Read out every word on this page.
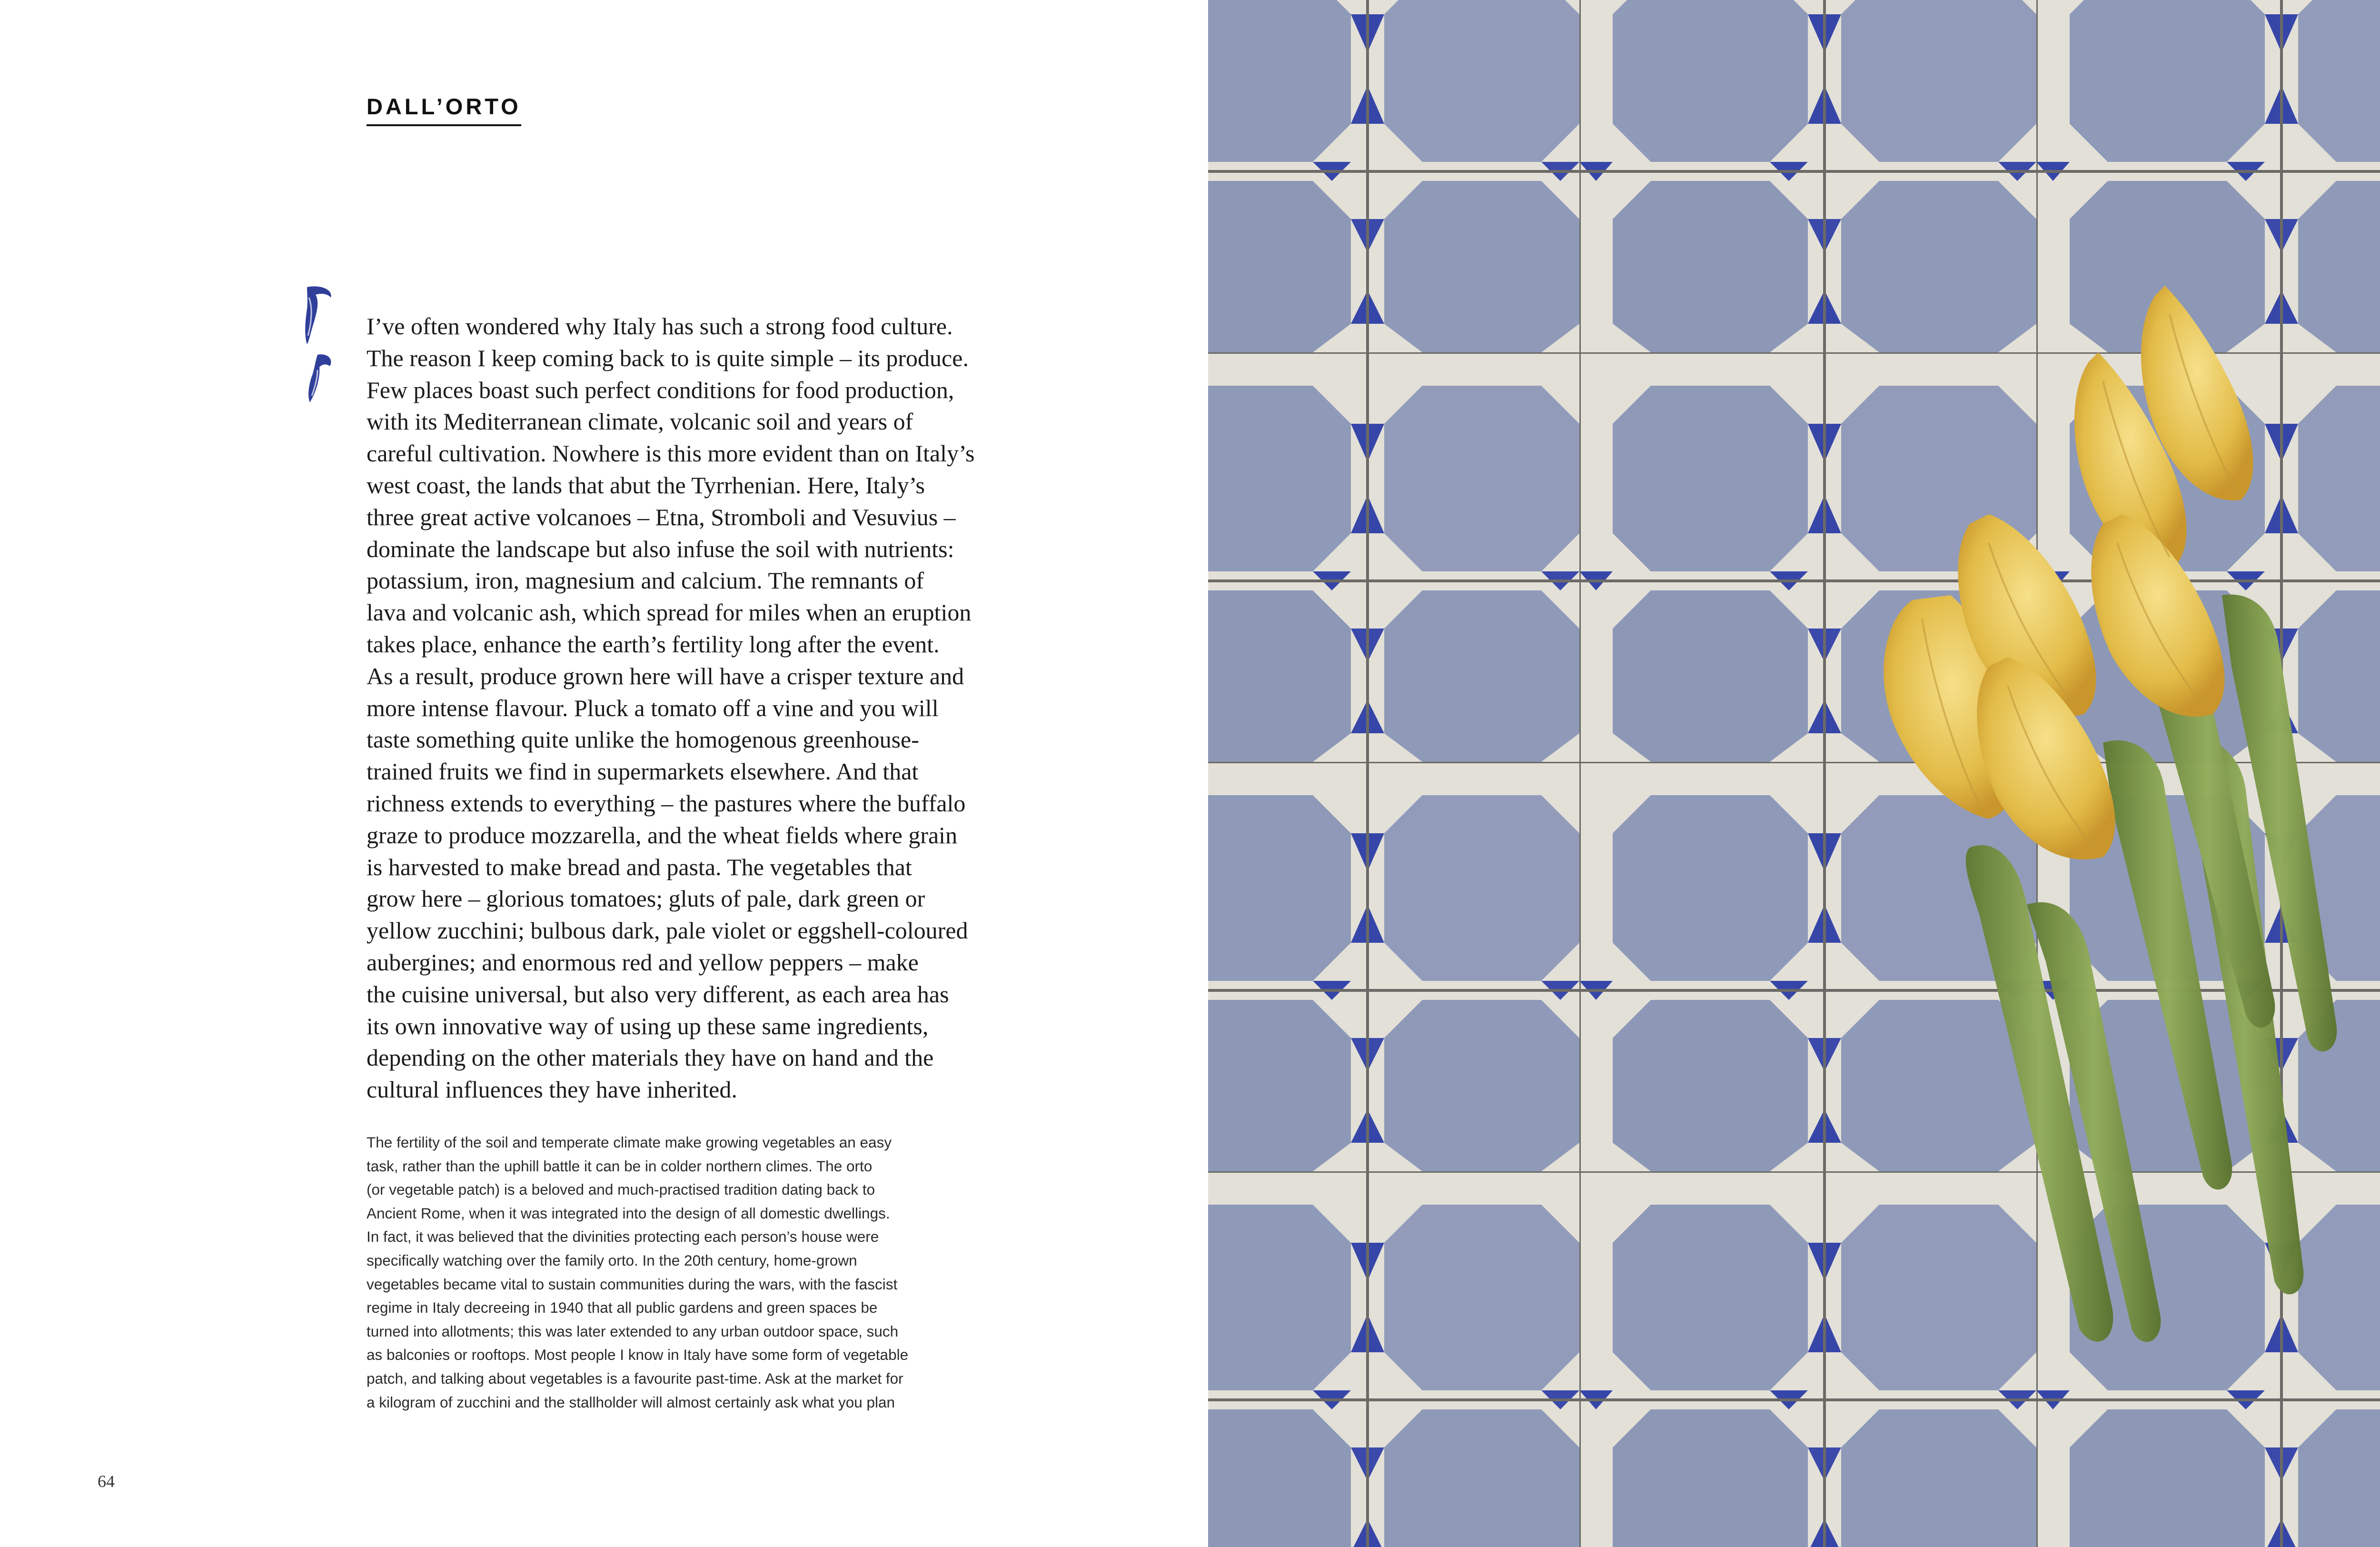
DALL’ORTO
I’ve often wondered why Italy has such a strong food culture.
The reason I keep coming back to is quite simple – its produce.
Few places boast such perfect conditions for food production,
with its Mediterranean climate, volcanic soil and years of
careful cultivation. Nowhere is this more evident than on Italy’s
west coast, the lands that abut the Tyrrhenian. Here, Italy’s
three great active volcanoes – Etna, Stromboli and Vesuvius –
dominate the landscape but also infuse the soil with nutrients:
potassium, iron, magnesium and calcium. The remnants of
lava and volcanic ash, which spread for miles when an eruption
takes place, enhance the earth’s fertility long after the event.
As a result, produce grown here will have a crisper texture and
more intense flavour. Pluck a tomato off a vine and you will
taste something quite unlike the homogenous greenhouse-
trained fruits we find in supermarkets elsewhere. And that
richness extends to everything – the pastures where the buffalo
graze to produce mozzarella, and the wheat fields where grain
is harvested to make bread and pasta. The vegetables that
grow here – glorious tomatoes; gluts of pale, dark green or
yellow zucchini; bulbous dark, pale violet or eggshell-coloured
aubergines; and enormous red and yellow peppers – make
the cuisine universal, but also very different, as each area has
its own innovative way of using up these same ingredients,
depending on the other materials they have on hand and the
cultural influences they have inherited.
The fertility of the soil and temperate climate make growing vegetables an easy
task, rather than the uphill battle it can be in colder northern climes. The orto
(or vegetable patch) is a beloved and much-practised tradition dating back to
Ancient Rome, when it was integrated into the design of all domestic dwellings.
In fact, it was believed that the divinities protecting each person’s house were
specifically watching over the family orto. In the 20th century, home-grown
vegetables became vital to sustain communities during the wars, with the fascist
regime in Italy decreeing in 1940 that all public gardens and green spaces be
turned into allotments; this was later extended to any urban outdoor space, such
as balconies or rooftops. Most people I know in Italy have some form of vegetable
patch, and talking about vegetables is a favourite past-time. Ask at the market for
a kilogram of zucchini and the stallholder will almost certainly ask what you plan
64
